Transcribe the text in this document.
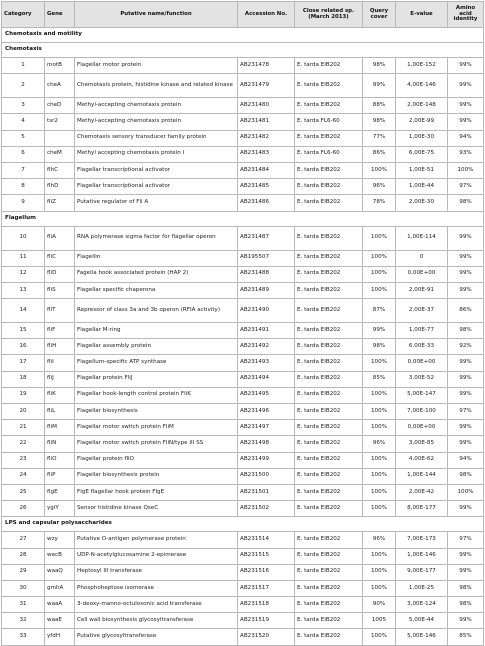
Category	Gene	Putative name/function	Accession No.	Close related sp. (March 2013)	Query cover	E-value	Amino acid identity
Chemotaxis and motility							
Chemotaxis							
1	motB	Flagellar motor protein	AB231478	E. tarda EIB202	98%	1,00E-152	99%
2	cheA	Chemotaxis protein, histidine kinase and related kinase	AB231479	E. tarda EIB202	99%	4,00E-146	99%
3	cheD	Methyl-accepting chemotaxis protein	AB231480	E. tarda EIB202	88%	2,00E-148	99%
4	tsr2	Methyl-accepting chemotaxis protein	AB231481	E. tarda FL6-60	98%	2,00E-99	99%
5		Chemotaxis sensory transducer family protein	AB231482	E. tarda EIB202	77%	1,00E-30	94%
6	cheM	Methyl accepting chemotaxis protein I	AB231483	E. tarda FL6-60	86%	6,00E-75	93%
7	flhC	Flagellar transcriptional activator	AB231484	E. tarda EIB202	100%	1,00E-51	100%
8	flhD	Flagellar transcriptional activator	AB231485	E. tarda EIB202	96%	1,00E-44	97%
9	fliZ	Putative regulator of Fli A	AB231486	E. tarda EIB202	78%	2,00E-30	98%
Flagellum							
10	fliA	RNA polymerase sigma factor for flagellar operon	AB231487	E. tarda EIB202	100%	1,00E-114	99%
11	fliC	Flagellin	AB195507	E. tarda EIB202	100%	0	99%
12	fliD	Fagella hook associated protein (HAP 2)	AB231488	E. tarda EIB202	100%	0,00E+00	99%
13	fliS	Flagellar specific chaperona	AB231489	E. tarda EIB202	100%	2,00E-91	99%
14	fliT	Repressor of class 3a and 3b operon (RFIA activity)	AB231490	E. tarda EIB202	87%	2,00E-37	86%
15	fliF	Flagellar M-ring	AB231491	E. tarda EIB202	99%	1,00E-77	98%
16	fliH	Flagellar assembly protein	AB231492	E. tarda EIB202	98%	6,00E-33	92%
17	fliI	Flagellum-specific ATP synthase	AB231493	E. tarda EIB202	100%	0,00E+00	99%
18	fliJ	Flagellar protein FliJ	AB231494	E. tarda EIB202	85%	3,00E-52	99%
19	fliK	Flagellar hook-length control protein FliK	AB231495	E. tarda EIB202	100%	5,00E-147	99%
20	fliL	Flagellar biosynthesis	AB231496	E. tarda EIB202	100%	7,00E-100	97%
21	fliM	Flagellar motor switch protein FliM	AB231497	E. tarda EIB202	100%	0,00E+00	99%
22	fliN	Flagellar motor switch protein FliN/type III SS	AB231498	E. tarda EIB202	96%	3,00E-85	99%
23	fliO	Flagellar protein fliO	AB231499	E. tarda EIB202	100%	4,00E-62	94%
24	fliP	Flagellar biosynthesis protein	AB231500	E. tarda EIB202	100%	1,00E-144	98%
25	flgE	FlgE flagellar hook protein FlgE	AB231501	E. tarda EIB202	100%	2,00E-42	100%
26	ygiY	Sensor histidine kinase QseC	AB231502	E. tarda EIB202	100%	8,00E-177	99%
LPS and capsular polysaccharides							
27	wzy	Putative O-antigen polymerase protein	AB231514	E. tarda EIB202	96%	7,00E-173	97%
28	wecB	UDP-N-acetylglucosamine 2-epimerase	AB231515	E. tarda EIB202	100%	1,00E-146	99%
29	waaQ	Heptosyl III transferase	AB231516	E. tarda EIB202	100%	9,00E-177	99%
30	gmhA	Phosphoheptose isomerase	AB231517	E. tarda EIB202	100%	1,00E-25	98%
31	waaA	3-deoxy-manno-octulosonic acid transferase	AB231518	E. tarda EIB202	90%	3,00E-124	98%
32	waaE	Cell wall biosynthesis glycosyltransferase	AB231519	E. tarda EIB202	1005	5,00E-44	99%
33	yfdH	Putative glycosyltransferase	AB231520	E. tarda EIB202	100%	5,00E-146	85%
